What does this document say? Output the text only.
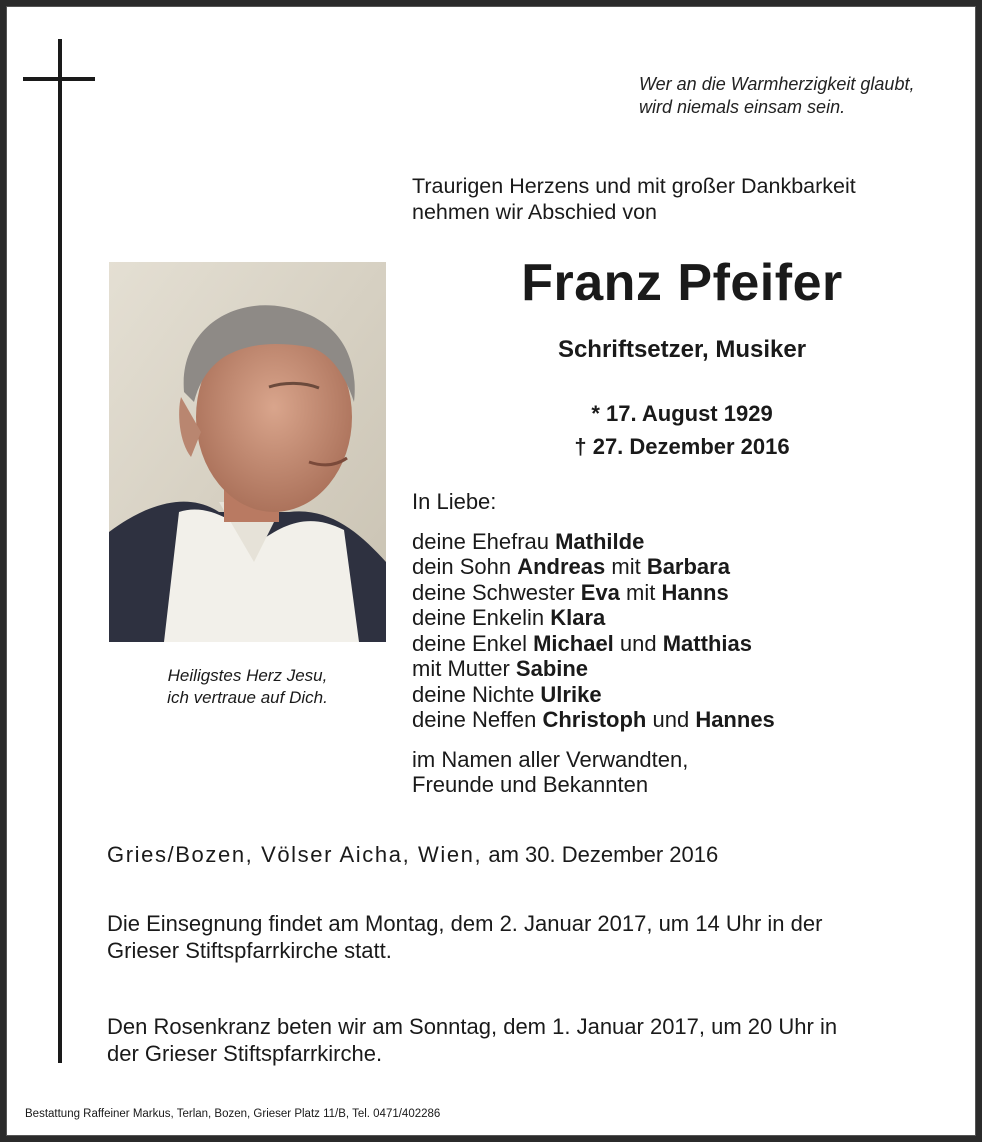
Wer an die Warmherzigkeit glaubt,
wird niemals einsam sein.
Traurigen Herzens und mit großer Dankbarkeit
nehmen wir Abschied von
Heiligstes Herz Jesu,
ich vertraue auf Dich.
Franz Pfeifer
Schriftsetzer, Musiker
* 17. August 1929
† 27. Dezember 2016
In Liebe:
deine Ehefrau Mathilde
dein Sohn Andreas mit Barbara
deine Schwester Eva mit Hanns
deine Enkelin Klara
deine Enkel Michael und Matthias
mit Mutter Sabine
deine Nichte Ulrike
deine Neffen Christoph und Hannes
im Namen aller Verwandten,
Freunde und Bekannten
Gries/Bozen, Völser Aicha, Wien, am 30. Dezember 2016
Die Einsegnung findet am Montag, dem 2. Januar 2017, um 14 Uhr in der
Grieser Stiftspfarrkirche statt.
Den Rosenkranz beten wir am Sonntag, dem 1. Januar 2017, um 20 Uhr in
der Grieser Stiftspfarrkirche.
Bestattung Raffeiner Markus, Terlan, Bozen, Grieser Platz 11/B, Tel. 0471/402286
